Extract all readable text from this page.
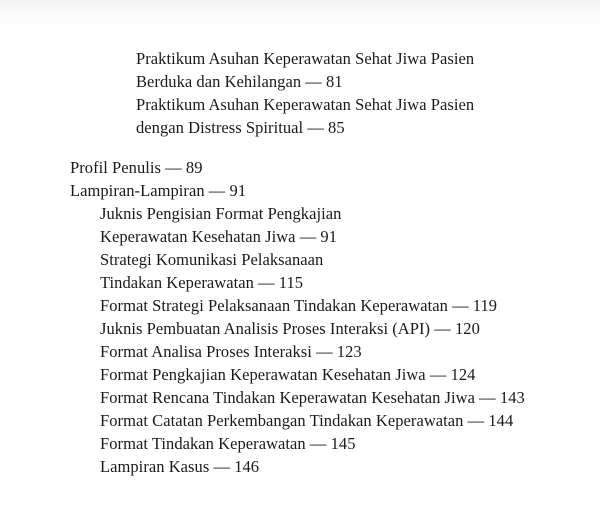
Praktikum Asuhan Keperawatan Sehat Jiwa Pasien
Berduka dan Kehilangan — 81
Praktikum Asuhan Keperawatan Sehat Jiwa Pasien
dengan Distress Spiritual — 85
Profil Penulis — 89
Lampiran-Lampiran — 91
Juknis Pengisian Format Pengkajian
Keperawatan Kesehatan Jiwa — 91
Strategi Komunikasi Pelaksanaan
Tindakan Keperawatan — 115
Format Strategi Pelaksanaan Tindakan Keperawatan — 119
Juknis Pembuatan Analisis Proses Interaksi (API) — 120
Format Analisa Proses Interaksi — 123
Format Pengkajian Keperawatan Kesehatan Jiwa — 124
Format Rencana Tindakan Keperawatan Kesehatan Jiwa — 143
Format Catatan Perkembangan Tindakan Keperawatan — 144
Format Tindakan Keperawatan — 145
Lampiran Kasus — 146
